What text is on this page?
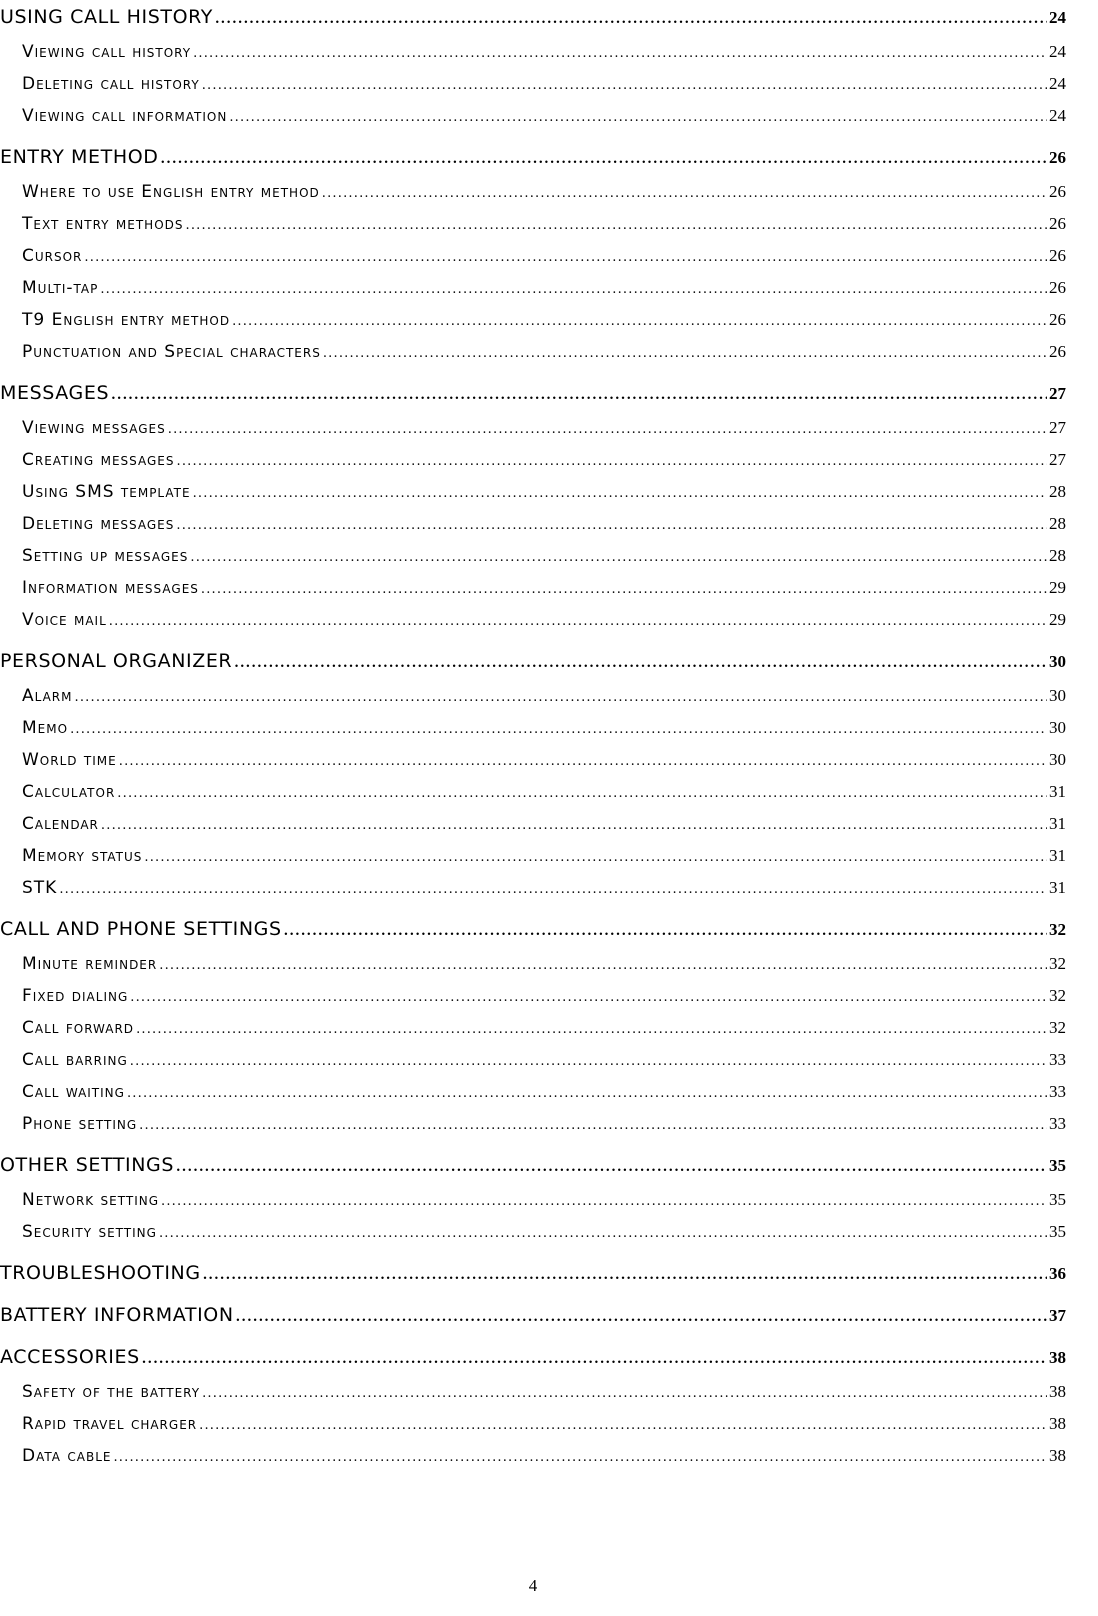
USING CALL HISTORY .....	24
Viewing call history .....	24
Deleting call history .....	24
Viewing call information .....	24
ENTRY METHOD .....	26
Where to use English entry method .....	26
Text entry methods .....	26
Cursor .....	26
Multi-tap .....	26
T9 English entry method .....	26
Punctuation and Special characters .....	26
MESSAGES .....	27
Viewing messages .....	27
Creating messages .....	27
Using SMS template .....	28
Deleting messages .....	28
Setting up messages .....	28
Information messages .....	29
Voice mail .....	29
PERSONAL ORGANIZER .....	30
Alarm .....	30
Memo .....	30
World time .....	30
Calculator .....	31
Calendar .....	31
Memory status .....	31
STK .....	31
CALL AND PHONE SETTINGS .....	32
Minute reminder .....	32
Fixed dialing .....	32
Call forward .....	32
Call barring .....	33
Call waiting .....	33
Phone setting .....	33
OTHER SETTINGS .....	35
Network setting .....	35
Security setting .....	35
TROUBLESHOOTING .....	36
BATTERY INFORMATION .....	37
ACCESSORIES .....	38
Safety of the battery .....	38
Rapid travel charger .....	38
Data cable .....	38
4
